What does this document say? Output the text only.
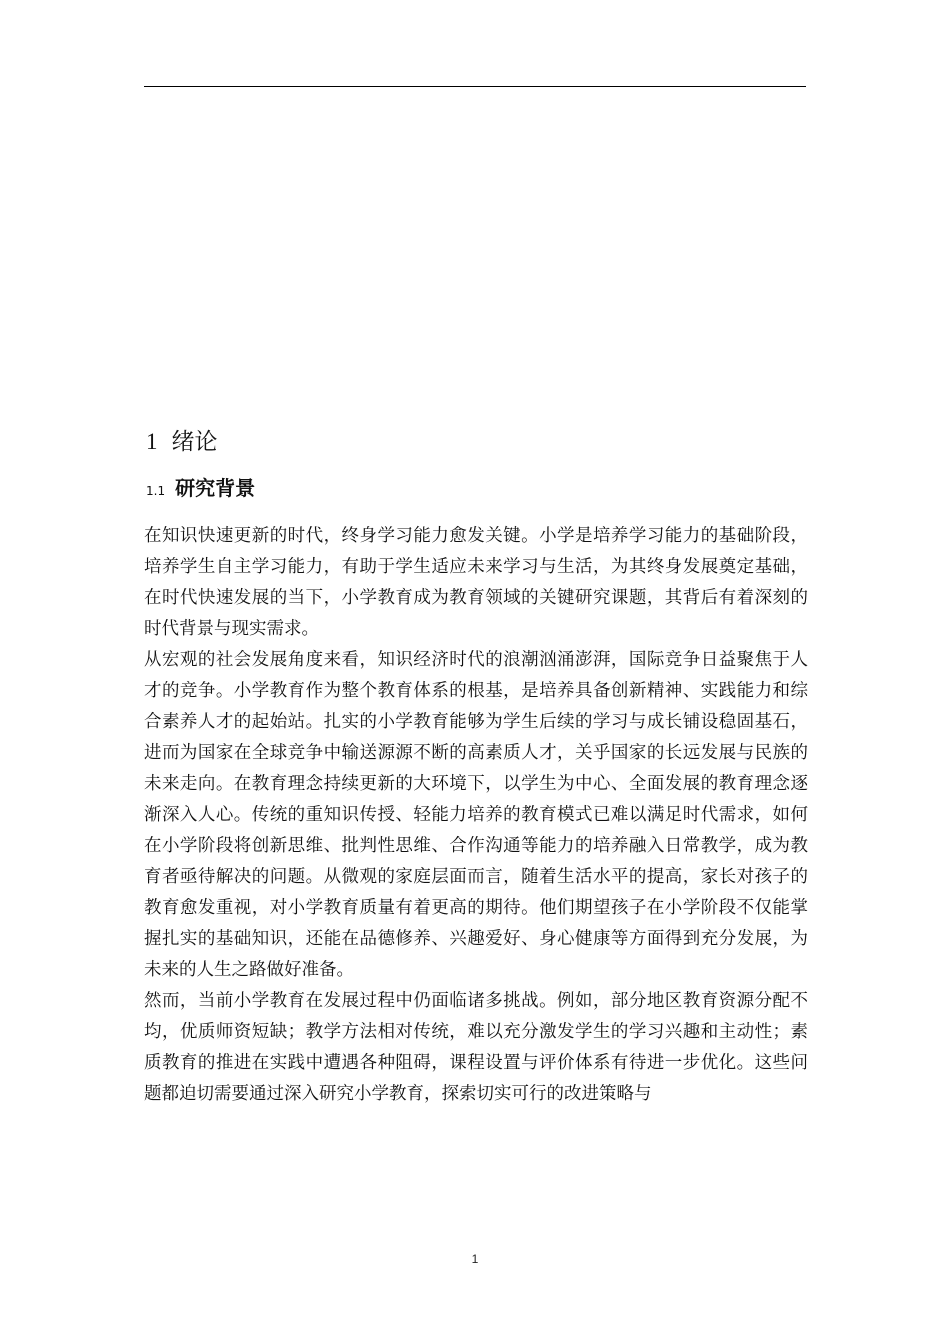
1 绪论
1.1 研究背景

在知识快速更新的时代，终身学习能力愈发关键。小学是培养学习能力的基础阶段，培养学生自主学习能力，有助于学生适应未来学习与生活，为其终身发展奠定基础，在时代快速发展的当下，小学教育成为教育领域的关键研究课题，其背后有着深刻的时代背景与现实需求。

从宏观的社会发展角度来看，知识经济时代的浪潮汹涌澎湃，国际竞争日益聚焦于人才的竞争。小学教育作为整个教育体系的根基，是培养具备创新精神、实践能力和综合素养人才的起始站。扎实的小学教育能够为学生后续的学习与成长铺设稳固基石，进而为国家在全球竞争中输送源源不断的高素质人才，关乎国家的长远发展与民族的未来走向。在教育理念持续更新的大环境下，以学生为中心、全面发展的教育理念逐渐深入人心。传统的重知识传授、轻能力培养的教育模式已难以满足时代需求，如何在小学阶段将创新思维、批判性思维、合作沟通等能力的培养融入日常教学，成为教育者亟待解决的问题。从微观的家庭层面而言，随着生活水平的提高，家长对孩子的教育愈发重视，对小学教育质量有着更高的期待。他们期望孩子在小学阶段不仅能掌握扎实的基础知识，还能在品德修养、兴趣爱好、身心健康等方面得到充分发展，为未来的人生之路做好准备。

然而，当前小学教育在发展过程中仍面临诸多挑战。例如，部分地区教育资源分配不均，优质师资短缺；教学方法相对传统，难以充分激发学生的学习兴趣和主动性；素质教育的推进在实践中遭遇各种阻碍，课程设置与评价体系有待进一步优化。这些问题都迫切需要通过深入研究小学教育，探索切实可行的改进策略与

1
